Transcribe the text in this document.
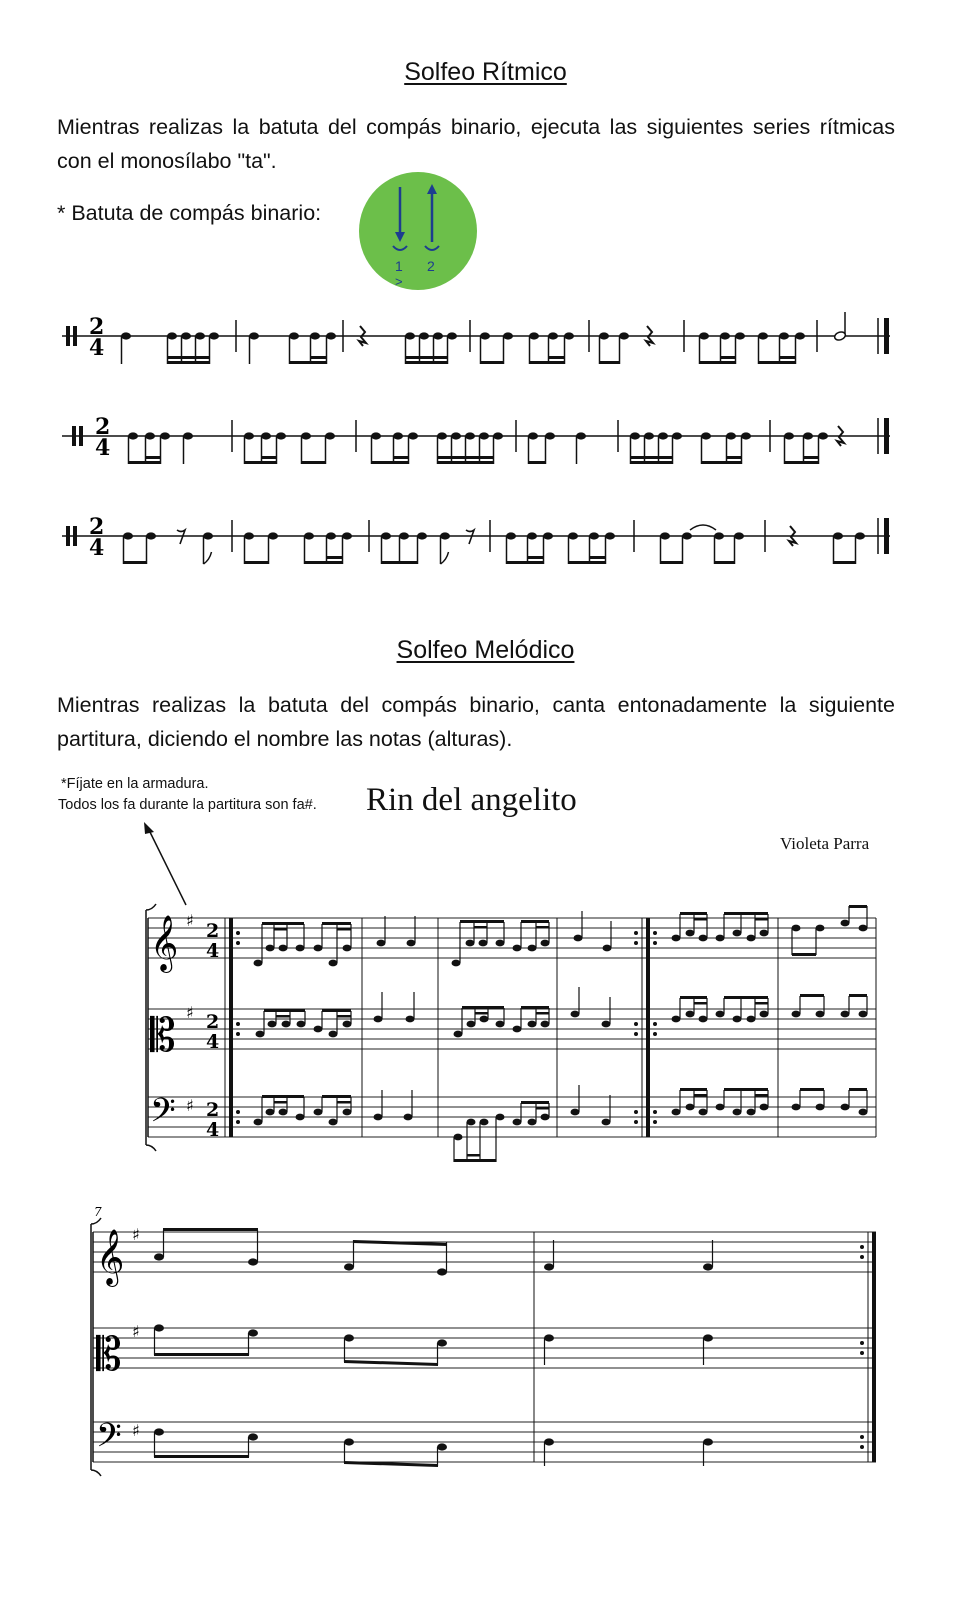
Solfeo Rítmico
Mientras realizas la batuta del compás binario, ejecuta las siguientes series rítmicas con el monosílabo "ta".
* Batuta de compás binario:
1 2
>
2
4
2
4
2
4
Solfeo Melódico
Mientras realizas la batuta del compás binario, canta entonadamente la siguiente partitura, diciendo el nombre las notas (alturas).
*Fíjate en la armadura.
Todos los fa durante la partitura son fa#. Rin del angelito
Violeta Parra
𝄞
𝄡
𝄢
♯
♯
♯
2
4
2
4
2
4
7
𝄞
𝄡
𝄢
♯
♯
♯
